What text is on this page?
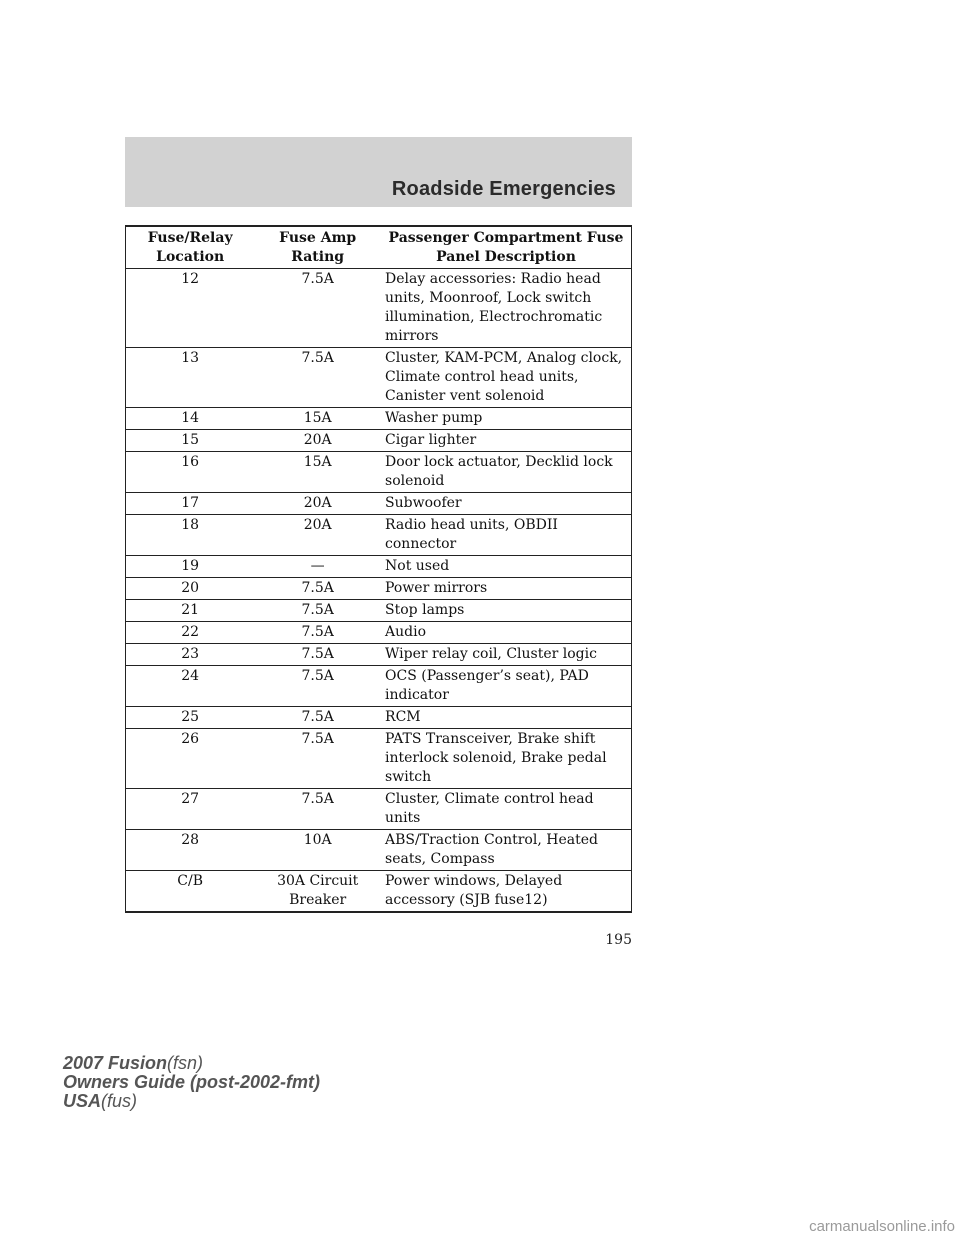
Roadside Emergencies
Fuse/Relay Location	Fuse Amp Rating	Passenger Compartment Fuse Panel Description
12	7.5A	Delay accessories: Radio head units, Moonroof, Lock switch illumination, Electrochromatic mirrors
13	7.5A	Cluster, KAM-PCM, Analog clock, Climate control head units, Canister vent solenoid
14	15A	Washer pump
15	20A	Cigar lighter
16	15A	Door lock actuator, Decklid lock solenoid
17	20A	Subwoofer
18	20A	Radio head units, OBDII connector
19	—	Not used
20	7.5A	Power mirrors
21	7.5A	Stop lamps
22	7.5A	Audio
23	7.5A	Wiper relay coil, Cluster logic
24	7.5A	OCS (Passenger’s seat), PAD indicator
25	7.5A	RCM
26	7.5A	PATS Transceiver, Brake shift interlock solenoid, Brake pedal switch
27	7.5A	Cluster, Climate control head units
28	10A	ABS/Traction Control, Heated seats, Compass
C/B	30A Circuit Breaker	Power windows, Delayed accessory (SJB fuse12)
195
2007 Fusion(fsn)
Owners Guide (post-2002-fmt)
USA(fus)
carmanualsonline.info
